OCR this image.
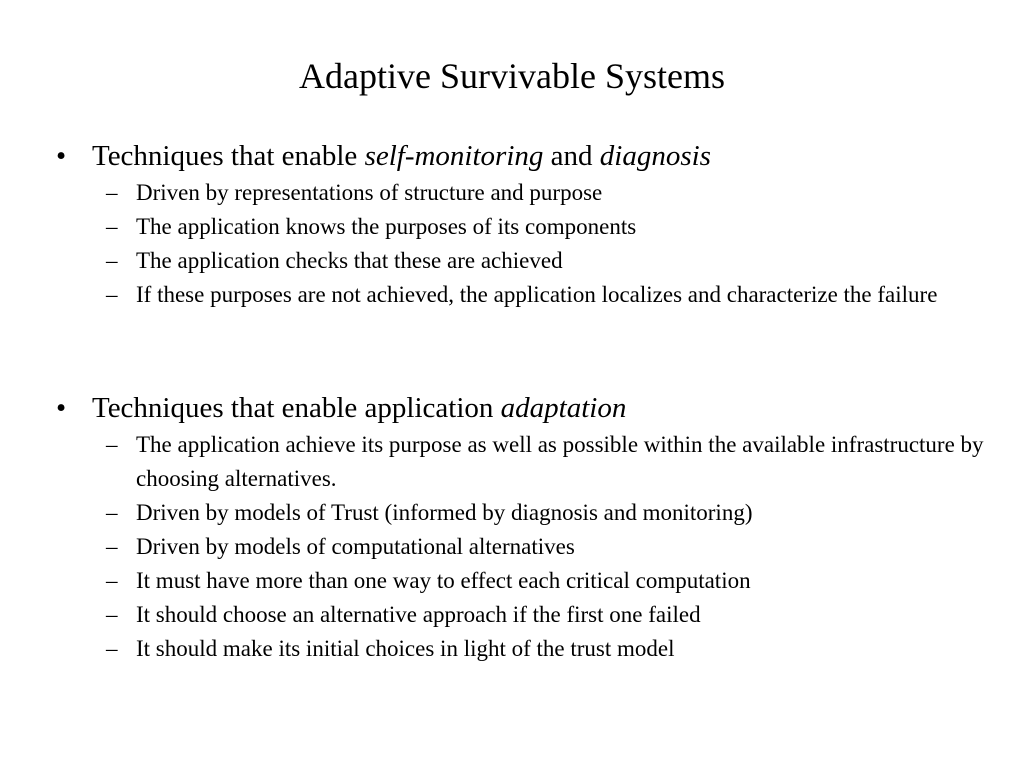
Adaptive Survivable Systems
• Techniques that enable self-monitoring and diagnosis
– Driven by representations of structure and purpose
– The application knows the purposes of its components
– The application checks that these are achieved
– If these purposes are not achieved, the application localizes and characterize the failure
• Techniques that enable application adaptation
– The application achieve its purpose as well as possible within the available infrastructure by choosing alternatives.
– Driven by models of Trust (informed by diagnosis and monitoring)
– Driven by models of computational alternatives
– It must have more than one way to effect each critical computation
– It should choose an alternative approach if the first one failed
– It should make its initial choices in light of the trust model
